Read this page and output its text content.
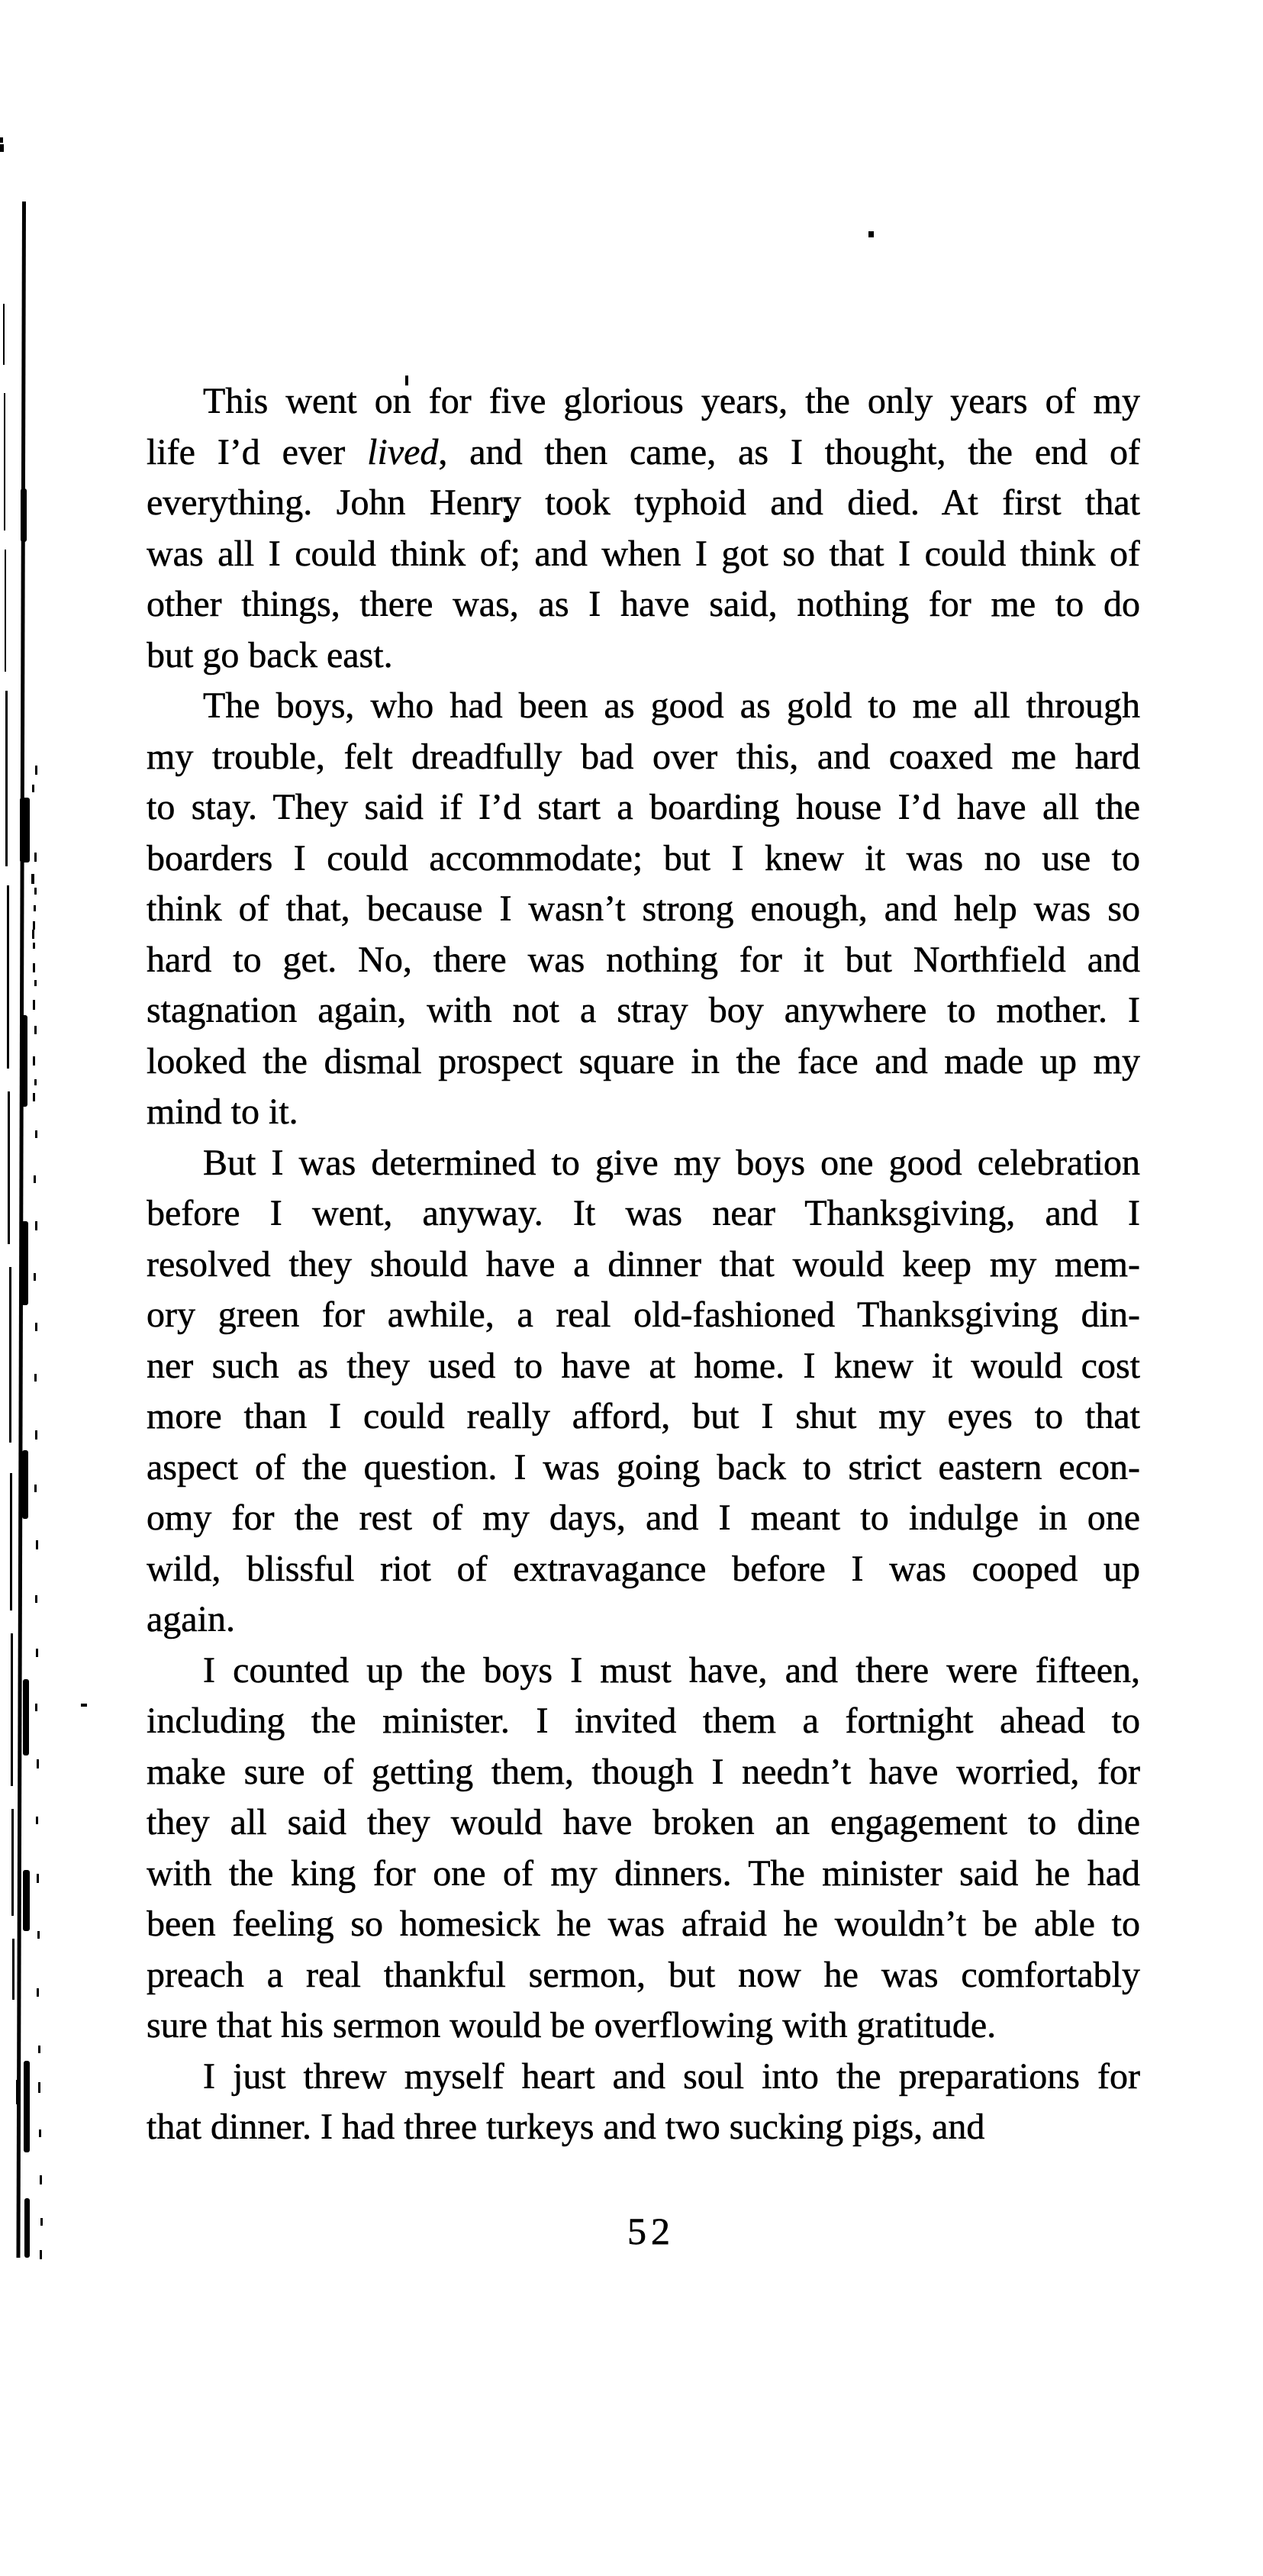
This went on for five glorious years, the only years of my
life I’d ever lived, and then came, as I thought, the end of
everything. John Henry took typhoid and died. At first that
was all I could think of; and when I got so that I could think of
other things, there was, as I have said, nothing for me to do
but go back east.
The boys, who had been as good as gold to me all through
my trouble, felt dreadfully bad over this, and coaxed me hard
to stay. They said if I’d start a boarding house I’d have all the
boarders I could accommodate; but I knew it was no use to
think of that, because I wasn’t strong enough, and help was so
hard to get. No, there was nothing for it but Northfield and
stagnation again, with not a stray boy anywhere to mother. I
looked the dismal prospect square in the face and made up my
mind to it.
But I was determined to give my boys one good celebration
before I went, anyway. It was near Thanksgiving, and I
resolved they should have a dinner that would keep my mem-
ory green for awhile, a real old-fashioned Thanksgiving din-
ner such as they used to have at home. I knew it would cost
more than I could really afford, but I shut my eyes to that
aspect of the question. I was going back to strict eastern econ-
omy for the rest of my days, and I meant to indulge in one
wild, blissful riot of extravagance before I was cooped up
again.
I counted up the boys I must have, and there were fifteen,
including the minister. I invited them a fortnight ahead to
make sure of getting them, though I needn’t have worried, for
they all said they would have broken an engagement to dine
with the king for one of my dinners. The minister said he had
been feeling so homesick he was afraid he wouldn’t be able to
preach a real thankful sermon, but now he was comfortably
sure that his sermon would be overflowing with gratitude.
I just threw myself heart and soul into the preparations for
that dinner. I had three turkeys and two sucking pigs, and
52
